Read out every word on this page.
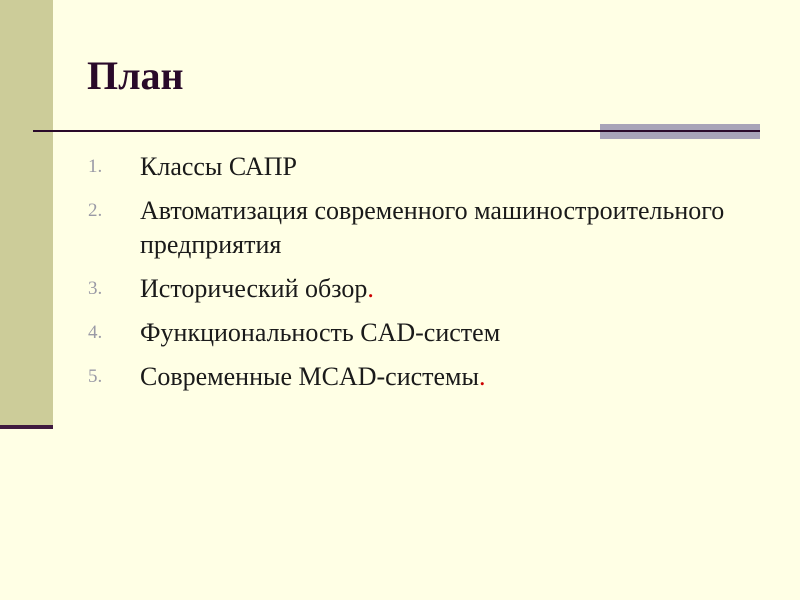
План
1. Классы САПР
2. Автоматизация современного машиностроительного предприятия
3. Исторический обзор.
4. Функциональность CAD-систем
5. Современные MCAD-системы.
